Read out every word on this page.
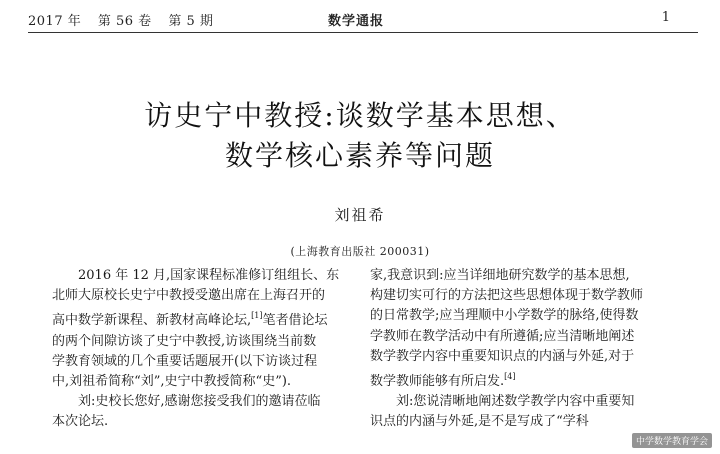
2017 年 第 56 卷 第 5 期	数学通报	1
访史宁中教授:谈数学基本思想、
数学核心素养等问题
刘祖希
(上海教育出版社 200031)
2016 年 12 月,国家课程标准修订组组长、东
北师大原校长史宁中教授受邀出席在上海召开的
高中数学新课程、新教材高峰论坛,[1]笔者借论坛
的两个间隙访谈了史宁中教授,访谈围绕当前数
学教育领域的几个重要话题展开(以下访谈过程
中,刘祖希简称“刘”,史宁中教授简称“史”).
刘:史校长您好,感谢您接受我们的邀请莅临
本次论坛.
家,我意识到:应当详细地研究数学的基本思想,
构建切实可行的方法把这些思想体现于数学教师
的日常教学;应当理顺中小学数学的脉络,使得数
学教师在教学活动中有所遵循;应当清晰地阐述
数学教学内容中重要知识点的内涵与外延,对于
数学教师能够有所启发.[4]
刘:您说清晰地阐述数学教学内容中重要知
识点的内涵与外延,是不是写成了“学科
中学数学教育学会
